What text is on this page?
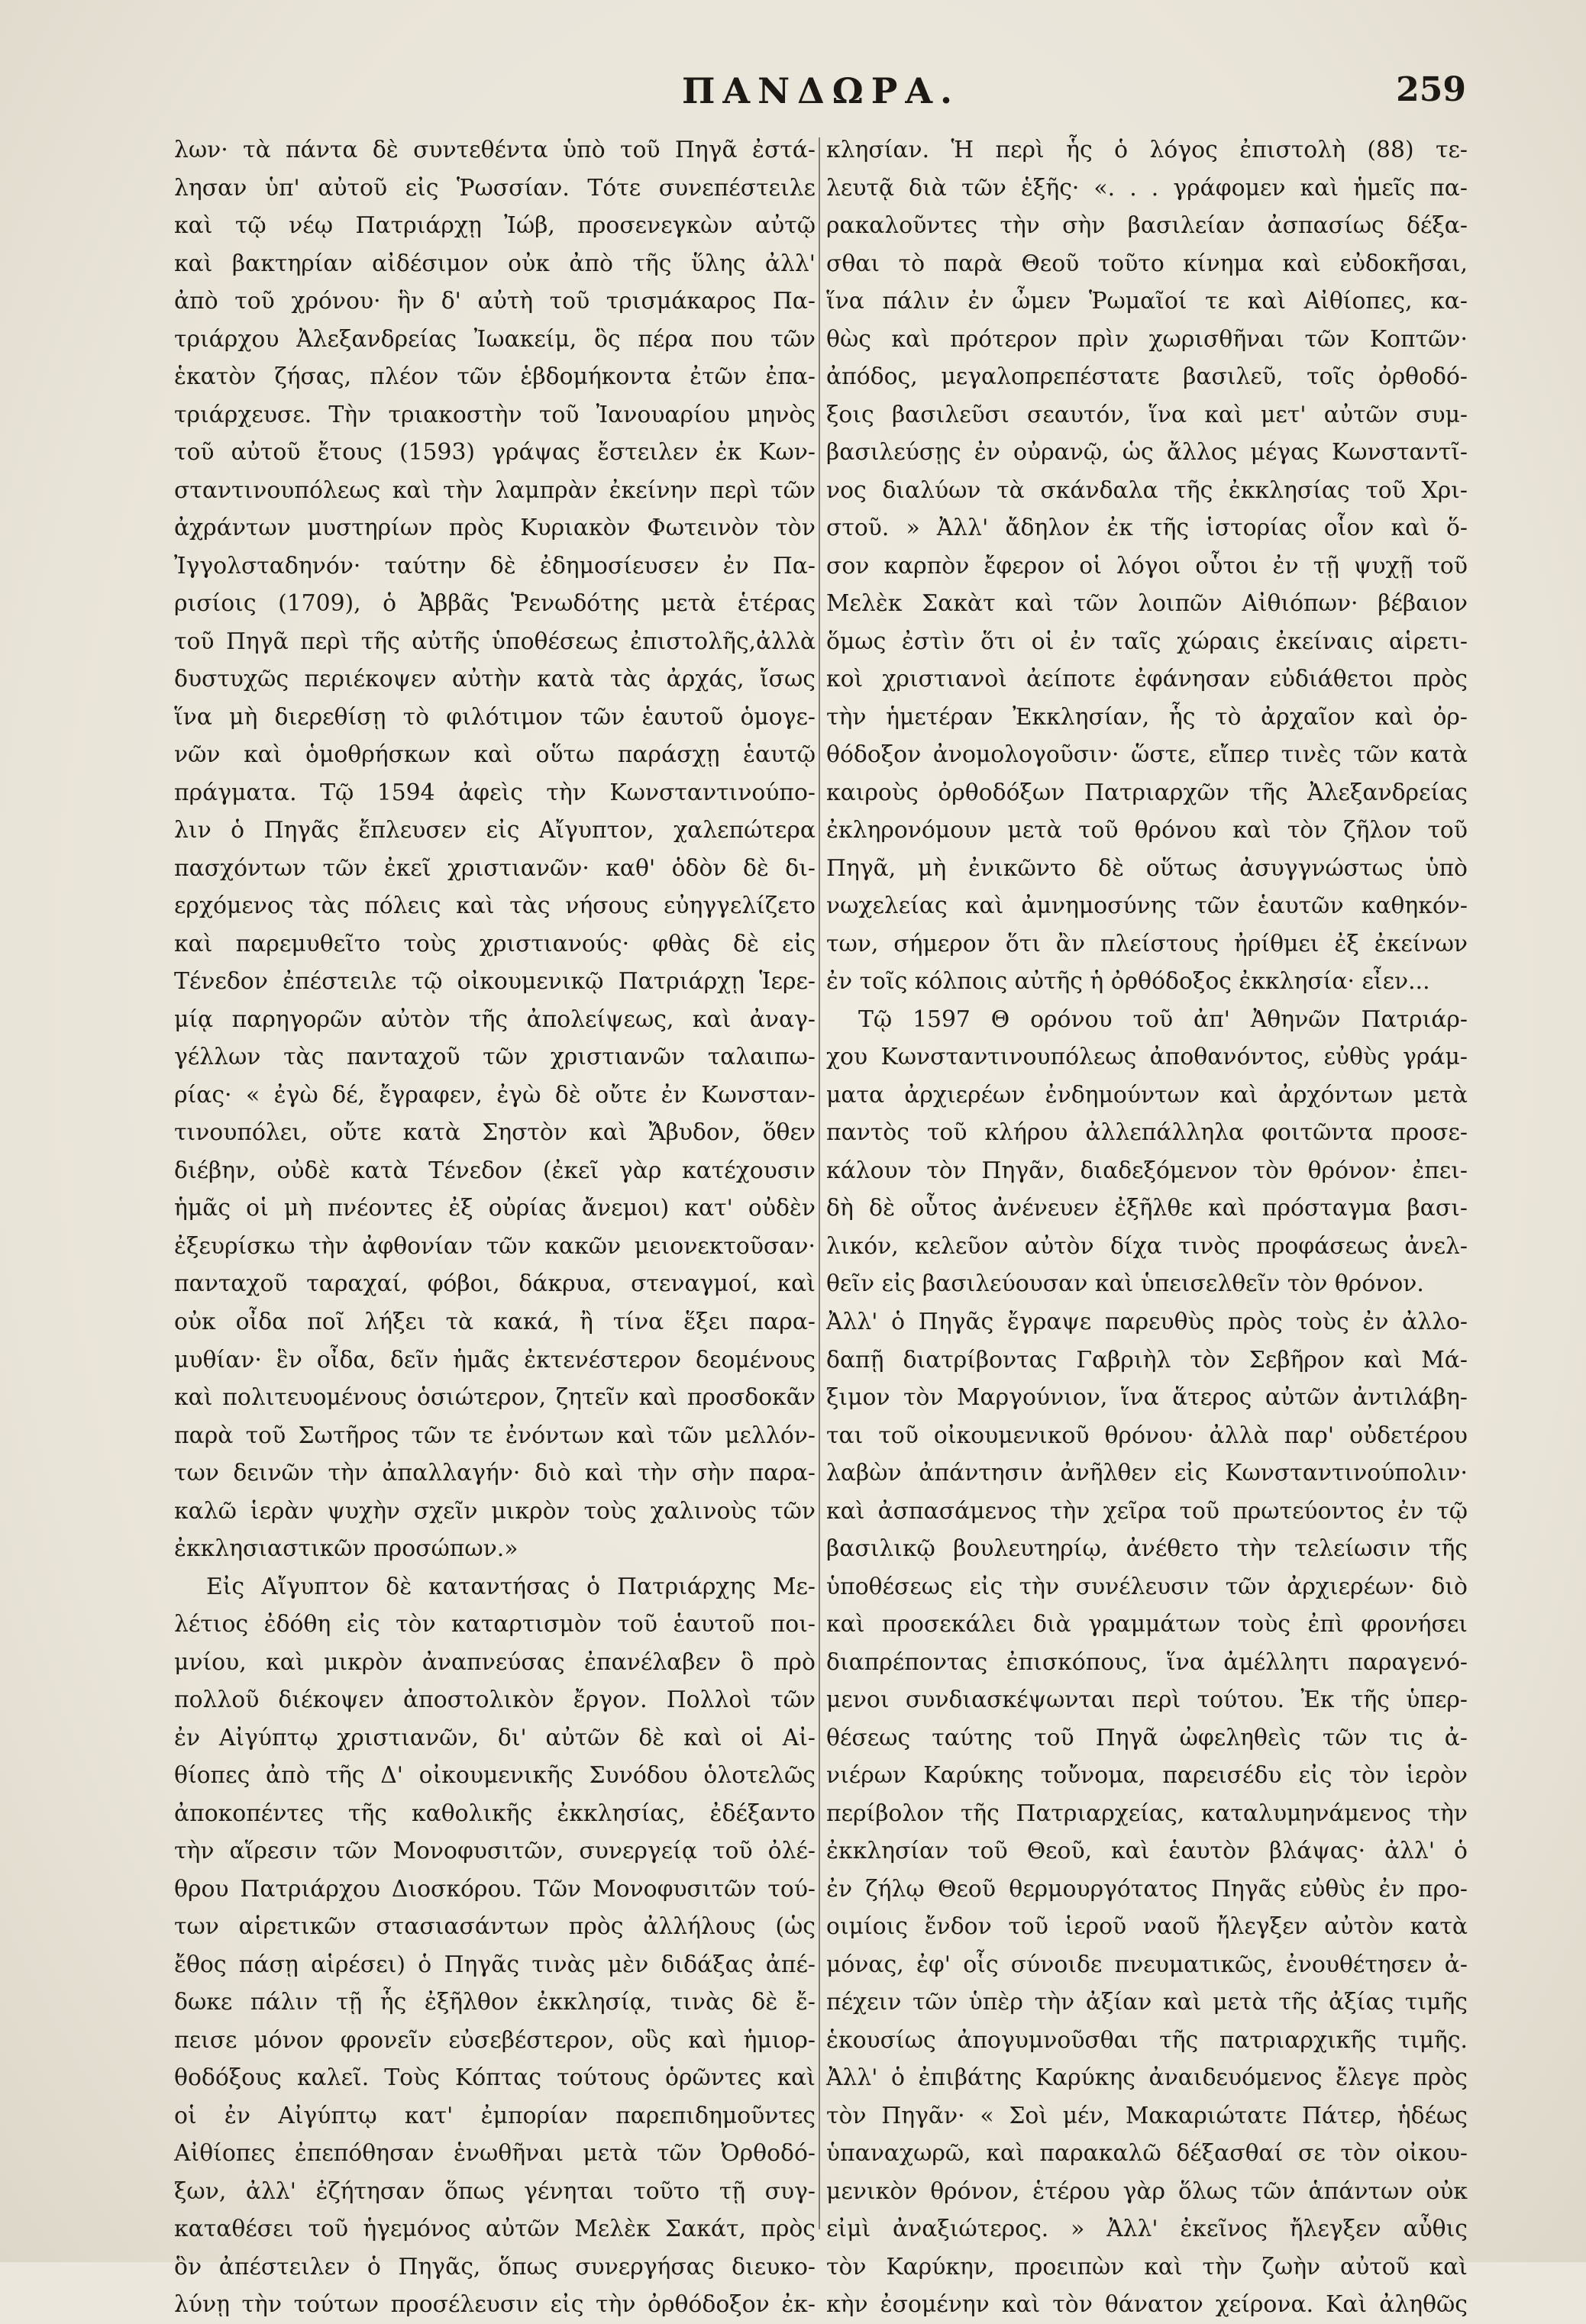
ΠΑΝΔΩΡΑ.	259
λων· τὰ πάντα δὲ συντεθέντα ὑπὸ τοῦ Πηγᾶ ἐστά-
λησαν ὑπ' αὐτοῦ εἰς Ῥωσσίαν. Τότε συνεπέστειλε
καὶ τῷ νέῳ Πατριάρχῃ Ἰώβ, προσενεγκὼν αὐτῷ
καὶ βακτηρίαν αἰδέσιμον οὐκ ἀπὸ τῆς ὕλης ἀλλ'
ἀπὸ τοῦ χρόνου· ἣν δ' αὐτὴ τοῦ τρισμάκαρος Πα-
τριάρχου Ἀλεξανδρείας Ἰωακείμ, ὃς πέρα που τῶν
ἑκατὸν ζήσας, πλέον τῶν ἑβδομήκοντα ἐτῶν ἐπα-
τριάρχευσε. Τὴν τριακοστὴν τοῦ Ἰανουαρίου μηνὸς
τοῦ αὐτοῦ ἔτους (1593) γράψας ἔστειλεν ἐκ Κων-
σταντινουπόλεως καὶ τὴν λαμπρὰν ἐκείνην περὶ τῶν
ἀχράντων μυστηρίων πρὸς Κυριακὸν Φωτεινὸν τὸν
Ἰγγολσταδηνόν· ταύτην δὲ ἐδημοσίευσεν ἐν Πα-
ρισίοις (1709), ὁ Ἀββᾶς Ῥενωδότης μετὰ ἑτέρας
τοῦ Πηγᾶ περὶ τῆς αὐτῆς ὑποθέσεως ἐπιστολῆς,ἀλλὰ
δυστυχῶς περιέκοψεν αὐτὴν κατὰ τὰς ἀρχάς, ἴσως
ἵνα μὴ διερεθίσῃ τὸ φιλότιμον τῶν ἑαυτοῦ ὁμογε-
νῶν καὶ ὁμοθρήσκων καὶ οὕτω παράσχῃ ἑαυτῷ
πράγματα. Τῷ 1594 ἀφεὶς τὴν Κωνσταντινούπο-
λιν ὁ Πηγᾶς ἔπλευσεν εἰς Αἴγυπτον, χαλεπώτερα
πασχόντων τῶν ἐκεῖ χριστιανῶν· καθ' ὁδὸν δὲ δι-
ερχόμενος τὰς πόλεις καὶ τὰς νήσους εὐηγγελίζετο
καὶ παρεμυθεῖτο τοὺς χριστιανούς· φθὰς δὲ εἰς
Τένεδον ἐπέστειλε τῷ οἰκουμενικῷ Πατριάρχῃ Ἱερε-
μίᾳ παρηγορῶν αὐτὸν τῆς ἀπολείψεως, καὶ ἀναγ-
γέλλων τὰς πανταχοῦ τῶν χριστιανῶν ταλαιπω-
ρίας· « ἐγὼ δέ, ἔγραφεν, ἐγὼ δὲ οὔτε ἐν Κωνσταν-
τινουπόλει, οὔτε κατὰ Σηστὸν καὶ Ἄβυδον, ὅθεν
διέβην, οὐδὲ κατὰ Τένεδον (ἐκεῖ γὰρ κατέχουσιν
ἡμᾶς οἱ μὴ πνέοντες ἐξ οὐρίας ἄνεμοι) κατ' οὐδὲν
ἐξευρίσκω τὴν ἀφθονίαν τῶν κακῶν μειονεκτοῦσαν·
πανταχοῦ ταραχαί, φόβοι, δάκρυα, στεναγμοί, καὶ
οὐκ οἶδα ποῖ λήξει τὰ κακά, ἢ τίνα ἕξει παρα-
μυθίαν· ἓν οἶδα, δεῖν ἡμᾶς ἐκτενέστερον δεομένους
καὶ πολιτευομένους ὁσιώτερον, ζητεῖν καὶ προσδοκᾶν
παρὰ τοῦ Σωτῆρος τῶν τε ἐνόντων καὶ τῶν μελλόν-
των δεινῶν τὴν ἀπαλλαγήν· διὸ καὶ τὴν σὴν παρα-
καλῶ ἱερὰν ψυχὴν σχεῖν μικρὸν τοὺς χαλινοὺς τῶν
ἐκκλησιαστικῶν προσώπων.»
Εἰς Αἴγυπτον δὲ καταντήσας ὁ Πατριάρχης Με-
λέτιος ἐδόθη εἰς τὸν καταρτισμὸν τοῦ ἑαυτοῦ ποι-
μνίου, καὶ μικρὸν ἀναπνεύσας ἐπανέλαβεν ὃ πρὸ
πολλοῦ διέκοψεν ἀποστολικὸν ἔργον. Πολλοὶ τῶν
ἐν Αἰγύπτῳ χριστιανῶν, δι' αὐτῶν δὲ καὶ οἱ Αἰ-
θίοπες ἀπὸ τῆς Δ' οἰκουμενικῆς Συνόδου ὁλοτελῶς
ἀποκοπέντες τῆς καθολικῆς ἐκκλησίας, ἐδέξαντο
τὴν αἵρεσιν τῶν Μονοφυσιτῶν, συνεργείᾳ τοῦ ὀλέ-
θρου Πατριάρχου Διοσκόρου. Τῶν Μονοφυσιτῶν τού-
των αἱρετικῶν στασιασάντων πρὸς ἀλλήλους (ὡς
ἔθος πάσῃ αἱρέσει) ὁ Πηγᾶς τινὰς μὲν διδάξας ἀπέ-
δωκε πάλιν τῇ ἧς ἐξῆλθον ἐκκλησίᾳ, τινὰς δὲ ἔ-
πεισε μόνον φρονεῖν εὐσεβέστερον, οὓς καὶ ἡμιορ-
θοδόξους καλεῖ. Τοὺς Κόπτας τούτους ὁρῶντες καὶ
οἱ ἐν Αἰγύπτῳ κατ' ἐμπορίαν παρεπιδημοῦντες
Αἰθίοπες ἐπεπόθησαν ἑνωθῆναι μετὰ τῶν Ὀρθοδό-
ξων, ἀλλ' ἐζήτησαν ὅπως γένηται τοῦτο τῇ συγ-
καταθέσει τοῦ ἡγεμόνος αὐτῶν Μελὲκ Σακάτ, πρὸς
ὃν ἀπέστειλεν ὁ Πηγᾶς, ὅπως συνεργήσας διευκο-
λύνῃ τὴν τούτων προσέλευσιν εἰς τὴν ὀρθόδοξον ἐκ-
κλησίαν. Ἡ περὶ ἧς ὁ λόγος ἐπιστολὴ (88) τε-
λευτᾷ διὰ τῶν ἑξῆς· «. . . γράφομεν καὶ ἡμεῖς πα-
ρακαλοῦντες τὴν σὴν βασιλείαν ἀσπασίως δέξα-
σθαι τὸ παρὰ Θεοῦ τοῦτο κίνημα καὶ εὐδοκῆσαι,
ἵνα πάλιν ἐν ὦμεν Ῥωμαῖοί τε καὶ Αἰθίοπες, κα-
θὼς καὶ πρότερον πρὶν χωρισθῆναι τῶν Κοπτῶν·
ἀπόδος, μεγαλοπρεπέστατε βασιλεῦ, τοῖς ὀρθοδό-
ξοις βασιλεῦσι σεαυτόν, ἵνα καὶ μετ' αὐτῶν συμ-
βασιλεύσῃς ἐν οὐρανῷ, ὡς ἄλλος μέγας Κωνσταντῖ-
νος διαλύων τὰ σκάνδαλα τῆς ἐκκλησίας τοῦ Χρι-
στοῦ. » Ἀλλ' ἄδηλον ἐκ τῆς ἱστορίας οἷον καὶ ὅ-
σον καρπὸν ἔφερον οἱ λόγοι οὗτοι ἐν τῇ ψυχῇ τοῦ
Μελὲκ Σακὰτ καὶ τῶν λοιπῶν Αἰθιόπων· βέβαιον
ὅμως ἐστὶν ὅτι οἱ ἐν ταῖς χώραις ἐκείναις αἱρετι-
κοὶ χριστιανοὶ ἀείποτε ἐφάνησαν εὐδιάθετοι πρὸς
τὴν ἡμετέραν Ἐκκλησίαν, ἧς τὸ ἀρχαῖον καὶ ὀρ-
θόδοξον ἀνομολογοῦσιν· ὥστε, εἴπερ τινὲς τῶν κατὰ
καιροὺς ὀρθοδόξων Πατριαρχῶν τῆς Ἀλεξανδρείας
ἐκληρονόμουν μετὰ τοῦ θρόνου καὶ τὸν ζῆλον τοῦ
Πηγᾶ, μὴ ἐνικῶντο δὲ οὕτως ἀσυγγνώστως ὑπὸ
νωχελείας καὶ ἀμνημοσύνης τῶν ἑαυτῶν καθηκόν-
των, σήμερον ὅτι ἂν πλείστους ἠρίθμει ἐξ ἐκείνων
ἐν τοῖς κόλποις αὐτῆς ἡ ὀρθόδοξος ἐκκλησία· εἶεν...
Τῷ 1597 Θ ορόνου τοῦ ἀπ' Ἀθηνῶν Πατριάρ-
χου Κωνσταντινουπόλεως ἀποθανόντος, εὐθὺς γράμ-
ματα ἀρχιερέων ἐνδημούντων καὶ ἀρχόντων μετὰ
παντὸς τοῦ κλήρου ἀλλεπάλληλα φοιτῶντα προσε-
κάλουν τὸν Πηγᾶν, διαδεξόμενον τὸν θρόνον· ἐπει-
δὴ δὲ οὗτος ἀνένευεν ἐξῆλθε καὶ πρόσταγμα βασι-
λικόν, κελεῦον αὐτὸν δίχα τινὸς προφάσεως ἀνελ-
θεῖν εἰς βασιλεύουσαν καὶ ὑπεισελθεῖν τὸν θρόνον.
Ἀλλ' ὁ Πηγᾶς ἔγραψε παρευθὺς πρὸς τοὺς ἐν ἀλλο-
δαπῇ διατρίβοντας Γαβριὴλ τὸν Σεβῆρον καὶ Μά-
ξιμον τὸν Μαργούνιον, ἵνα ἅτερος αὐτῶν ἀντιλάβη-
ται τοῦ οἰκουμενικοῦ θρόνου· ἀλλὰ παρ' οὐδετέρου
λαβὼν ἀπάντησιν ἀνῆλθεν εἰς Κωνσταντινούπολιν·
καὶ ἀσπασάμενος τὴν χεῖρα τοῦ πρωτεύοντος ἐν τῷ
βασιλικῷ βουλευτηρίῳ, ἀνέθετο τὴν τελείωσιν τῆς
ὑποθέσεως εἰς τὴν συνέλευσιν τῶν ἀρχιερέων· διὸ
καὶ προσεκάλει διὰ γραμμάτων τοὺς ἐπὶ φρονήσει
διαπρέποντας ἐπισκόπους, ἵνα ἀμέλλητι παραγενό-
μενοι συνδιασκέψωνται περὶ τούτου. Ἐκ τῆς ὑπερ-
θέσεως ταύτης τοῦ Πηγᾶ ὠφεληθεὶς τῶν τις ἀ-
νιέρων Καρύκης τοὔνομα, παρεισέδυ εἰς τὸν ἱερὸν
περίβολον τῆς Πατριαρχείας, καταλυμηνάμενος τὴν
ἐκκλησίαν τοῦ Θεοῦ, καὶ ἑαυτὸν βλάψας· ἀλλ' ὁ
ἐν ζήλῳ Θεοῦ θερμουργότατος Πηγᾶς εὐθὺς ἐν προ-
οιμίοις ἔνδον τοῦ ἱεροῦ ναοῦ ἤλεγξεν αὐτὸν κατὰ
μόνας, ἐφ' οἷς σύνοιδε πνευματικῶς, ἐνουθέτησεν ἀ-
πέχειν τῶν ὑπὲρ τὴν ἀξίαν καὶ μετὰ τῆς ἀξίας τιμῆς
ἑκουσίως ἀπογυμνοῦσθαι τῆς πατριαρχικῆς τιμῆς.
Ἀλλ' ὁ ἐπιβάτης Καρύκης ἀναιδευόμενος ἔλεγε πρὸς
τὸν Πηγᾶν· « Σοὶ μέν, Μακαριώτατε Πάτερ, ἡδέως
ὑπαναχωρῶ, καὶ παρακαλῶ δέξασθαί σε τὸν οἰκου-
μενικὸν θρόνον, ἑτέρου γὰρ ὅλως τῶν ἁπάντων οὐκ
εἰμὶ ἀναξιώτερος. » Ἀλλ' ἐκεῖνος ἤλεγξεν αὖθις
τὸν Καρύκην, προειπὼν καὶ τὴν ζωὴν αὐτοῦ καὶ
κὴν ἐσομένην καὶ τὸν θάνατον χείρονα. Καὶ ἀληθῶς
